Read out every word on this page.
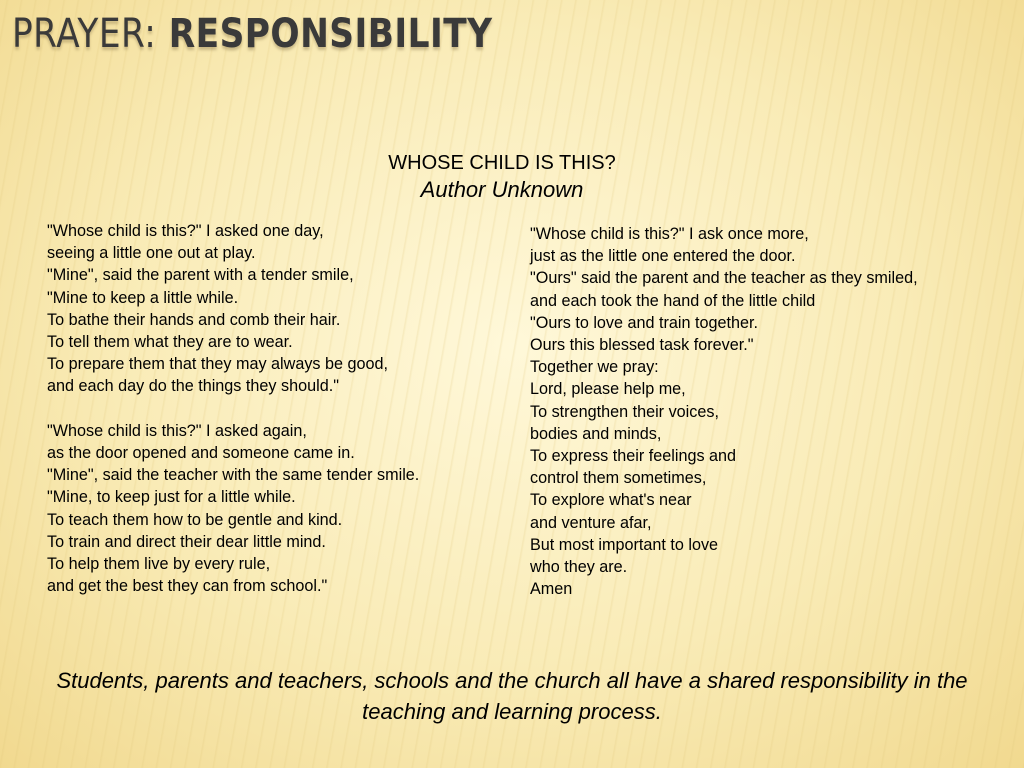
PRAYER: RESPONSIBILITY
WHOSE CHILD IS THIS?
Author Unknown
"Whose child is this?" I asked one day,
seeing a little one out at play.
"Mine", said the parent with a tender smile,
"Mine to keep a little while.
To bathe their hands and comb their hair.
To tell them what they are to wear.
To prepare them that they may always be good,
and each day do the things they should."
"Whose child is this?" I asked again,
as the door opened and someone came in.
"Mine", said the teacher with the same tender smile.
"Mine, to keep just for a little while.
To teach them how to be gentle and kind.
To train and direct their dear little mind.
To help them live by every rule,
and get the best they can from school."
"Whose child is this?" I ask once more,
just as the little one entered the door.
"Ours" said the parent and the teacher as they smiled,
and each took the hand of the little child
"Ours to love and train together.
Ours this blessed task forever."
Together we pray:
Lord, please help me,
To strengthen their voices,
bodies and minds,
To express their feelings and
control them sometimes,
To explore what's near
and venture afar,
But most important to love
who they are.
Amen
Students, parents and teachers, schools and the church all have a shared responsibility in the teaching and learning process.
